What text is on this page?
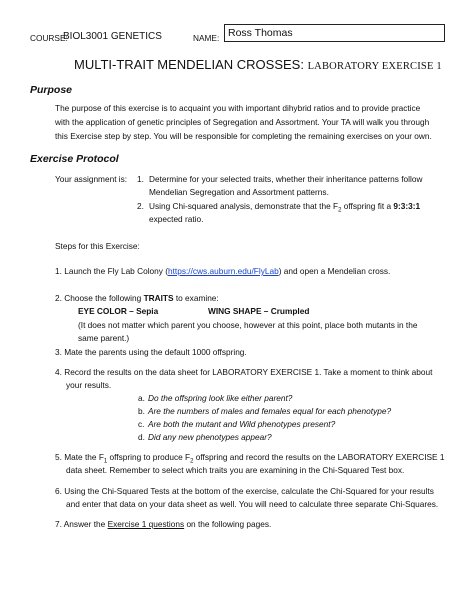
COURSE:
BIOL3001 GENETICS	NAME: Ross Thomas
MULTI-TRAIT MENDELIAN CROSSES: LABORATORY EXERCISE 1
Purpose
The purpose of this exercise is to acquaint you with important dihybrid ratios and to provide practice
with the application of genetic principles of Segregation and Assortment. Your TA will walk you through
this Exercise step by step. You will be responsible for completing the remaining exercises on your own.
Exercise Protocol
Your assignment is: 1. Determine for your selected traits, whether their inheritance patterns follow
Mendelian Segregation and Assortment patterns.
2. Using Chi-squared analysis, demonstrate that the $F_2$ offspring fit a 9:3:3:1
expected ratio.
Steps for this Exercise:
1. Launch the Fly Lab Colony (https://cws.auburn.edu/FlyLab) and open a Mendelian cross.
2. Choose the following TRAITS to examine:
EYE COLOR – Sepia	WING SHAPE – Crumpled
(It does not matter which parent you choose, however at this point, place both mutants in the
same parent.)
3. Mate the parents using the default 1000 offspring.
4. Record the results on the data sheet for LABORATORY EXERCISE 1. Take a moment to think about
your results.
a. Do the offspring look like either parent?
b. Are the numbers of males and females equal for each phenotype?
c. Are both the mutant and Wild phenotypes present?
d. Did any new phenotypes appear?
5. Mate the $F_1$ offspring to produce $F_2$ offspring and record the results on the LABORATORY EXERCISE 1
data sheet. Remember to select which traits you are examining in the Chi-Squared Test box.
6. Using the Chi-Squared Tests at the bottom of the exercise, calculate the Chi-Squared for your results
and enter that data on your data sheet as well. You will need to calculate three separate Chi-Squares.
7. Answer the Exercise 1 questions on the following pages.
